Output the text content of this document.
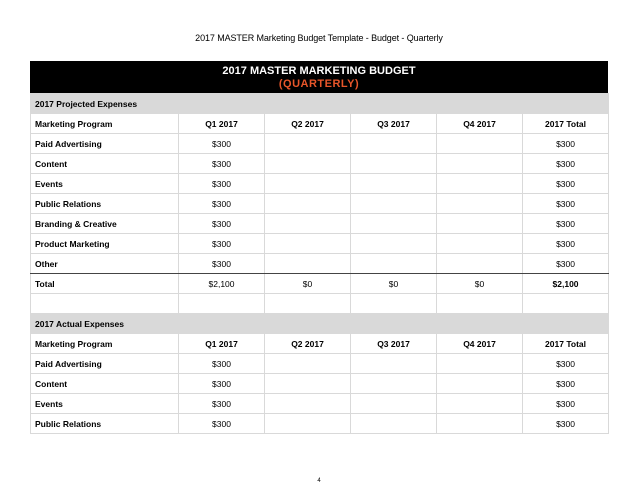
2017 MASTER Marketing Budget Template - Budget - Quarterly
2017 MASTER MARKETING BUDGET
(QUARTERLY)
2017 Projected Expenses					
Marketing Program	Q1 2017	Q2 2017	Q3 2017	Q4 2017	2017 Total
Paid Advertising	$300				$300
Content	$300				$300
Events	$300				$300
Public Relations	$300				$300
Branding & Creative	$300				$300
Product Marketing	$300				$300
Other	$300				$300
Total	$2,100	$0	$0	$0	$2,100

2017 Actual Expenses					
Marketing Program	Q1 2017	Q2 2017	Q3 2017	Q4 2017	2017 Total
Paid Advertising	$300				$300
Content	$300				$300
Events	$300				$300
Public Relations	$300				$300
4
